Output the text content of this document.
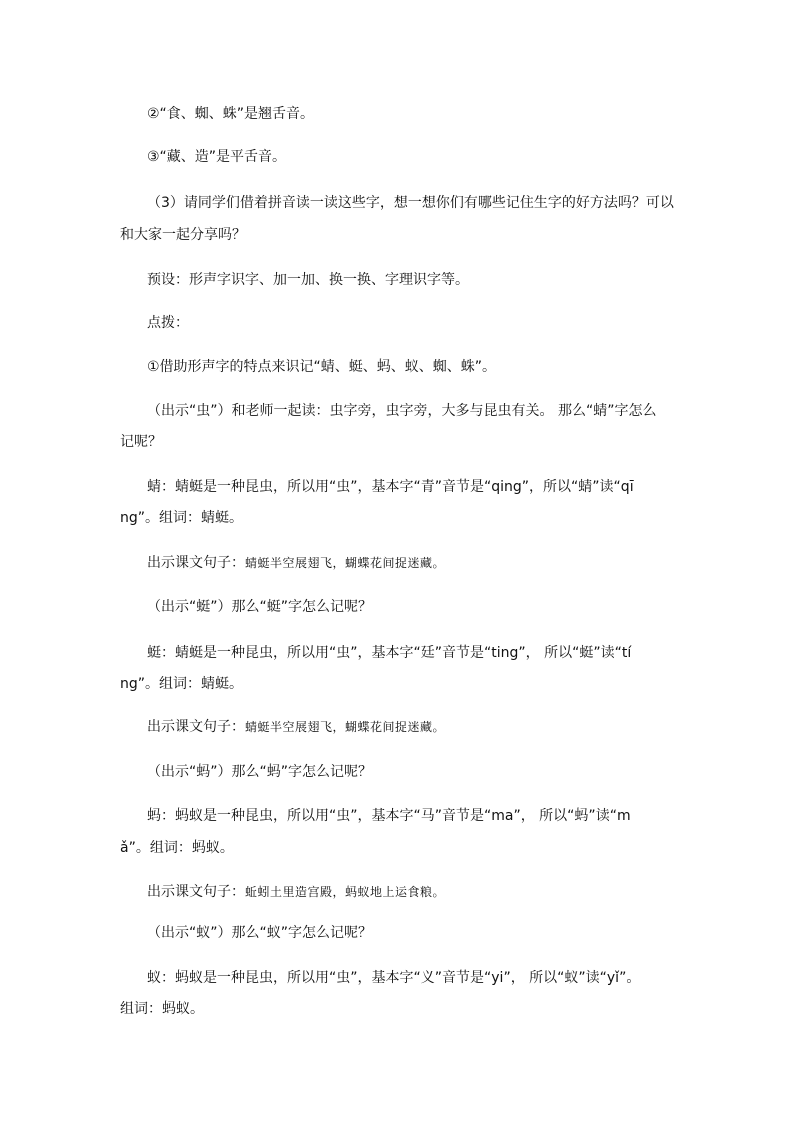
②“食、蜘、蛛”是翘舌音。

③“藏、造”是平舌音。

（3）请同学们借着拼音读一读这些字，想一想你们有哪些记住生字的好方法吗？可以

和大家一起分享吗？

预设：形声字识字、加一加、换一换、字理识字等。

点拨：

①借助形声字的特点来识记“蜻、蜓、蚂、蚁、蜘、蛛”。

（出示“虫”）和老师一起读：虫字旁，虫字旁，大多与昆虫有关。 那么“蜻”字怎么

记呢？

蜻：蜻蜓是一种昆虫，所以用“虫”，基本字“青”音节是“qing”，所以“蜻”读“qī

ng”。组词：蜻蜓。

出示课文句子：蜻蜓半空展翅飞，蝴蝶花间捉迷藏。

（出示“蜓”）那么“蜓”字怎么记呢？

蜓：蜻蜓是一种昆虫，所以用“虫”，基本字“廷”音节是“ting”， 所以“蜓”读“tí

ng”。组词：蜻蜓。

出示课文句子：蜻蜓半空展翅飞，蝴蝶花间捉迷藏。

（出示“蚂”）那么“蚂”字怎么记呢？

蚂：蚂蚁是一种昆虫，所以用“虫”，基本字“马”音节是“ma”， 所以“蚂”读“m

ǎ”。组词：蚂蚁。

出示课文句子：蚯蚓土里造宫殿，蚂蚁地上运食粮。

（出示“蚁”）那么“蚁”字怎么记呢？

蚁：蚂蚁是一种昆虫，所以用“虫”，基本字“义”音节是“yi”， 所以“蚁”读“yǐ”。

组词：蚂蚁。
